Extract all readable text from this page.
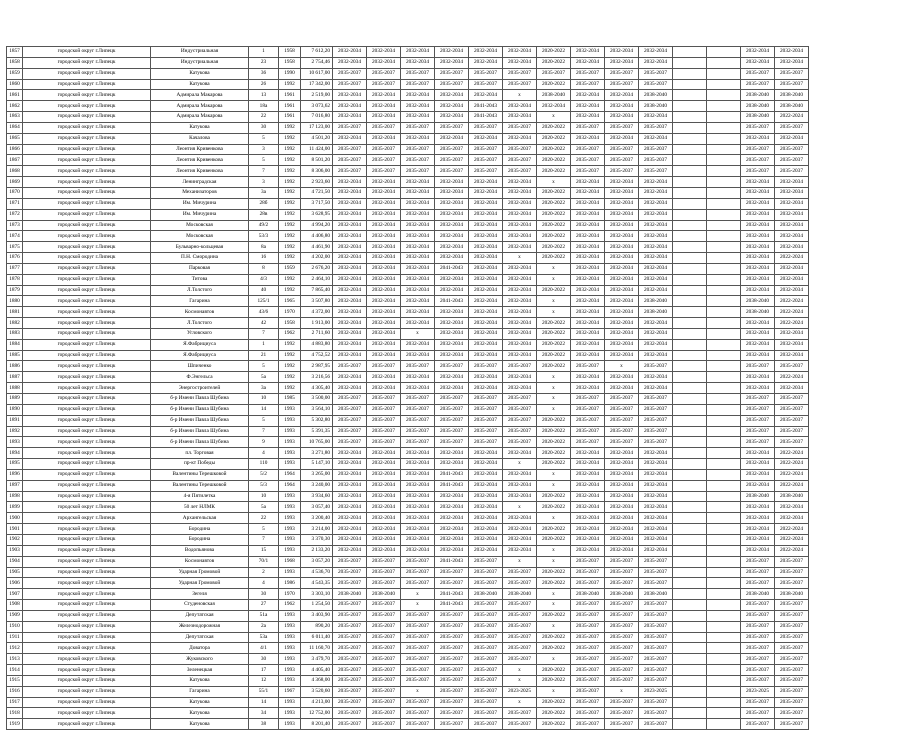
1857	городской округ г.Липецк	Индустриальная	1	1958	7 612,20	2032-2034	2032-2034	2032-2034	2032-2034	2032-2034	2032-2034	2020-2022	2032-2034	2032-2034	2032-2034			2032-2034	2032-2034
1858	городской округ г.Липецк	Индустриальная	23	1958	2 754,46	2032-2034	2032-2034	2032-2034	2032-2034	2032-2034	2032-2034	2020-2022	2032-2034	2032-2034	2032-2034			2032-2034	2032-2034
1859	городской округ г.Липецк	Катукова	36	1990	10 617,00	2035-2037	2035-2037	2035-2037	2035-2037	2035-2037	2035-2037	2035-2037	2035-2037	2035-2037	2035-2037			2035-2037	2035-2037
1860	городской округ г.Липецк	Катукова	26	1992	17 342,00	2035-2037	2035-2037	2035-2037	2035-2037	2035-2037	2035-2037	2020-2022	2035-2037	2035-2037	2035-2037			2035-2037	2035-2037
1861	городской округ г.Липецк	Адмирала Макарова	13	1961	2 519,00	2032-2034	2032-2034	2032-2034	2032-2034	2032-2034	х	2038-2040	2032-2034	2032-2034	2038-2040			2038-2040	2038-2040
1862	городской округ г.Липецк	Адмирала Макарова	18а	1961	3 073,62	2032-2034	2032-2034	2032-2034	2032-2034	2041-2043	2032-2034	2032-2034	2032-2034	2032-2034	2038-2040			2038-2040	2038-2040
1863	городской округ г.Липецк	Адмирала Макарова	22	1961	7 016,80	2032-2034	2032-2034	2032-2034	2032-2034	2041-2043	2032-2034	х	2032-2034	2032-2034	2032-2034			2038-2040	2022-2024
1864	городской округ г.Липецк	Катукова	30	1992	17 123,00	2035-2037	2035-2037	2035-2037	2035-2037	2035-2037	2035-2037	2020-2022	2035-2037	2035-2037	2035-2037			2035-2037	2035-2037
1865	городской округ г.Липецк	Качалова	5	1992	4 501,20	2032-2034	2032-2034	2032-2034	2032-2034	2032-2034	2032-2034	2020-2022	2032-2034	2032-2034	2032-2034			2032-2034	2032-2034
1866	городской округ г.Липецк	Леонтия Кривенкова	3	1992	11 424,00	2035-2037	2035-2037	2035-2037	2035-2037	2035-2037	2035-2037	2020-2022	2035-2037	2035-2037	2035-2037			2035-2037	2035-2037
1867	городской округ г.Липецк	Леонтия Кривенкова	5	1992	8 501,20	2035-2037	2035-2037	2035-2037	2035-2037	2035-2037	2035-2037	2020-2022	2035-2037	2035-2037	2035-2037			2035-2037	2035-2037
1868	городской округ г.Липецк	Леонтия Кривенкова	7	1992	8 306,00	2035-2037	2035-2037	2035-2037	2035-2037	2035-2037	2035-2037	2020-2022	2035-2037	2035-2037	2035-2037			2035-2037	2035-2037
1869	городской округ г.Липецк	Ленинградская	3	1992	2 923,60	2032-2034	2032-2034	2032-2034	2032-2034	2032-2034	2032-2034	х	2032-2034	2032-2034	2032-2034			2032-2034	2032-2034
1870	городской округ г.Липецк	Механизаторов	3а	1992	4 721,50	2032-2034	2032-2034	2032-2034	2032-2034	2032-2034	2032-2034	2020-2022	2032-2034	2032-2034	2032-2034			2032-2034	2032-2034
1871	городской округ г.Липецк	Им. Мичурина	28б	1992	3 717,50	2032-2034	2032-2034	2032-2034	2032-2034	2032-2034	2032-2034	2020-2022	2032-2034	2032-2034	2032-2034			2032-2034	2032-2034
1872	городской округ г.Липецк	Им. Мичурина	28в	1992	3 628,95	2032-2034	2032-2034	2032-2034	2032-2034	2032-2034	2032-2034	2020-2022	2032-2034	2032-2034	2032-2034			2032-2034	2032-2034
1873	городской округ г.Липецк	Московская	49/2	1992	4 994,20	2032-2034	2032-2034	2032-2034	2032-2034	2032-2034	2032-2034	2020-2022	2032-2034	2032-2034	2032-2034			2032-2034	2032-2034
1874	городской округ г.Липецк	Московская	53/3	1992	4 406,80	2032-2034	2032-2034	2032-2034	2032-2034	2032-2034	2032-2034	2020-2022	2032-2034	2032-2034	2032-2034			2032-2034	2032-2034
1875	городской округ г.Липецк	Бульварно-кольцевая	8а	1992	4 461,90	2032-2034	2032-2034	2032-2034	2032-2034	2032-2034	2032-2034	2020-2022	2032-2034	2032-2034	2032-2034			2032-2034	2032-2034
1876	городской округ г.Липецк	П.Н. Смородина	16	1992	4 202,00	2032-2034	2032-2034	2032-2034	2032-2034	2032-2034	х	2020-2022	2032-2034	2032-2034	2032-2034			2032-2034	2022-2024
1877	городской округ г.Липецк	Парковая	8	1959	2 676,20	2032-2034	2032-2034	2032-2034	2041-2043	2032-2034	2032-2034	х	2032-2034	2032-2034	2032-2034			2032-2034	2032-2034
1878	городской округ г.Липецк	Титова	4/3	1992	2 464,10	2032-2034	2032-2034	2032-2034	2032-2034	2032-2034	2032-2034	х	2032-2034	2032-2034	2032-2034			2032-2034	2032-2034
1879	городской округ г.Липецк	Л.Толстого	40	1992	7 865,40	2032-2034	2032-2034	2032-2034	2032-2034	2032-2034	2032-2034	2020-2022	2032-2034	2032-2034	2032-2034			2032-2034	2032-2034
1880	городской округ г.Липецк	Гагарина	125/1	1965	3 507,80	2032-2034	2032-2034	2032-2034	2041-2043	2032-2034	2032-2034	х	2032-2034	2032-2034	2038-2040			2038-2040	2022-2024
1881	городской округ г.Липецк	Космонавтов	43/6	1970	4 372,00	2032-2034	2032-2034	2032-2034	2032-2034	2032-2034	2032-2034	х	2032-2034	2032-2034	2038-2040			2038-2040	2022-2024
1882	городской округ г.Липецк	Л.Толстого	42	1958	1 913,00	2032-2034	2032-2034	2032-2034	2032-2034	2032-2034	2032-2034	2020-2022	2032-2034	2032-2034	2032-2034			2032-2034	2022-2024
1883	городской округ г.Липецк	Угловского	7	1962	2 711,60	2032-2034	2032-2034	х	2032-2034	2032-2034	2032-2034	2020-2022	2032-2034	2032-2034	2032-2034			2032-2034	2032-2034
1884	городской округ г.Липецк	Я.Фабрициуса	1	1992	4 883,80	2032-2034	2032-2034	2032-2034	2032-2034	2032-2034	2032-2034	2020-2022	2032-2034	2032-2034	2032-2034			2032-2034	2032-2034
1885	городской округ г.Липецк	Я.Фабрициуса	21	1992	4 752,52	2032-2034	2032-2034	2032-2034	2032-2034	2032-2034	2032-2034	2020-2022	2032-2034	2032-2034	2032-2034			2032-2034	2032-2034
1886	городской округ г.Липецк	Шпиченко	5	1992	2 987,95	2035-2037	2035-2037	2035-2037	2035-2037	2035-2037	2035-2037	2020-2022	2035-2037	х	2035-2037			2035-2037	2035-2037
1887	городской округ г.Липецк	Ф.Энгельса	5а	1992	3 216,56	2032-2034	2032-2034	2032-2034	2032-2034	2032-2034	2032-2034	х	2032-2034	2032-2034	2032-2034			2032-2034	2022-2024
1888	городской округ г.Липецк	Энергостроителей	3а	1992	4 305,40	2032-2034	2032-2034	2032-2034	2032-2034	2032-2034	2032-2034	х	2032-2034	2032-2034	2032-2034			2032-2034	2032-2034
1889	городской округ г.Липецк	б-р Имени Павла Шубина	10	1985	3 500,00	2035-2037	2035-2037	2035-2037	2035-2037	2035-2037	2035-2037	х	2035-2037	2035-2037	2035-2037			2035-2037	2035-2037
1890	городской округ г.Липецк	б-р Имени Павла Шубина	14	1993	3 564,10	2035-2037	2035-2037	2035-2037	2035-2037	2035-2037	2035-2037	х	2035-2037	2035-2037	2035-2037			2035-2037	2035-2037
1891	городской округ г.Липецк	б-р Имени Павла Шубина	5	1993	5 302,80	2035-2037	2035-2037	2035-2037	2035-2037	2035-2037	2035-2037	2020-2022	2035-2037	2035-2037	2035-2037			2035-2037	2035-2037
1892	городской округ г.Липецк	б-р Имени Павла Шубина	7	1993	5 391,35	2035-2037	2035-2037	2035-2037	2035-2037	2035-2037	2035-2037	2020-2022	2035-2037	2035-2037	2035-2037			2035-2037	2035-2037
1893	городской округ г.Липецк	б-р Имени Павла Шубина	9	1993	10 765,00	2035-2037	2035-2037	2035-2037	2035-2037	2035-2037	2035-2037	2020-2022	2035-2037	2035-2037	2035-2037			2035-2037	2035-2037
1894	городской округ г.Липецк	пл. Торговая	4	1993	3 271,80	2032-2034	2032-2034	2032-2034	2032-2034	2032-2034	2032-2034	2020-2022	2032-2034	2032-2034	2032-2034			2032-2034	2022-2024
1895	городской округ г.Липецк	пр-кт Победы	110	1993	5 147,10	2032-2034	2032-2034	2032-2034	2032-2034	2032-2034	х	2020-2022	2032-2034	2032-2034	2032-2034			2032-2034	2022-2024
1896	городской округ г.Липецк	Валентины Терешковой	5/2	1964	3 265,00	2032-2034	2032-2034	2032-2034	2041-2043	2032-2034	2032-2034	х	2032-2034	2032-2034	2032-2034			2032-2034	2022-2024
1897	городской округ г.Липецк	Валентины Терешковой	5/3	1964	3 240,00	2032-2034	2032-2034	2032-2034	2041-2043	2032-2034	2032-2034	х	2032-2034	2032-2034	2032-2034			2032-2034	2022-2024
1898	городской округ г.Липецк	4-я Пятилетка	10	1993	3 934,60	2032-2034	2032-2034	2032-2034	2032-2034	2032-2034	2032-2034	2020-2022	2032-2034	2032-2034	2032-2034			2038-2040	2038-2040
1899	городской округ г.Липецк	50 лет НЛМК	5а	1993	3 057,40	2032-2034	2032-2034	2032-2034	2032-2034	2032-2034	х	2020-2022	2032-2034	2032-2034	2032-2034			2032-2034	2032-2034
1900	городской округ г.Липецк	Архангельская	22	1993	3 200,40	2032-2034	2032-2034	2032-2034	2032-2034	2032-2034	2032-2034	х	2032-2034	2032-2034	2032-2034			2032-2034	2032-2034
1901	городской округ г.Липецк	Бородина	5	1993	3 214,00	2032-2034	2032-2034	2032-2034	2032-2034	2032-2034	2032-2034	2020-2022	2032-2034	2032-2034	2032-2034			2032-2034	2022-2024
1902	городской округ г.Липецк	Бородина	7	1993	3 370,30	2032-2034	2032-2034	2032-2034	2032-2034	2032-2034	2032-2034	2020-2022	2032-2034	2032-2034	2032-2034			2032-2034	2022-2024
1903	городской округ г.Липецк	Водопьянова	15	1993	2 133,20	2032-2034	2032-2034	2032-2034	2032-2034	2032-2034	2032-2034	х	2032-2034	2032-2034	2032-2034			2032-2034	2022-2024
1904	городской округ г.Липецк	Космонавтов	70/1	1968	3 057,20	2035-2037	2035-2037	2035-2037	2041-2043	2035-2037	х	х	2035-2037	2035-2037	2035-2037			2035-2037	2035-2037
1905	городской округ г.Липецк	Ударная Громовой	2	1993	4 536,70	2035-2037	2035-2037	2035-2037	2035-2037	2035-2037	2035-2037	2020-2022	2035-2037	2035-2037	2035-2037			2035-2037	2035-2037
1906	городской округ г.Липецк	Ударная Громовой	4	1986	4 543,35	2035-2037	2035-2037	2035-2037	2035-2037	2035-2037	2035-2037	2020-2022	2035-2037	2035-2037	2035-2037			2035-2037	2035-2037
1907	городской округ г.Липецк	Зегеля	30	1970	3 303,10	2038-2040	2038-2040	х	2041-2043	2038-2040	2038-2040	х	2038-2040	2038-2040	2038-2040			2038-2040	2038-2040
1908	городской округ г.Липецк	Студеновская	27	1962	1 254,50	2035-2037	2035-2037	х	2041-2043	2035-2037	2035-2037	х	2035-2037	2035-2037	2035-2037			2035-2037	2035-2037
1909	городской округ г.Липецк	Депутатская	51а	1993	3 403,90	2035-2037	2035-2037	2035-2037	2035-2037	2035-2037	2035-2037	2020-2022	2035-2037	2035-2037	2035-2037			2035-2037	2035-2037
1910	городской округ г.Липецк	Железнодорожная	2а	1993	890,20	2035-2037	2035-2037	2035-2037	2035-2037	2035-2037	2035-2037	х	2035-2037	2035-2037	2035-2037			2035-2037	2035-2037
1911	городской округ г.Липецк	Депутатская	53а	1993	6 011,40	2035-2037	2035-2037	2035-2037	2035-2037	2035-2037	2035-2037	2020-2022	2035-2037	2035-2037	2035-2037			2035-2037	2035-2037
1912	городской округ г.Липецк	Доватора	4/1	1993	11 160,70	2035-2037	2035-2037	2035-2037	2035-2037	2035-2037	2035-2037	2020-2022	2035-2037	2035-2037	2035-2037			2035-2037	2035-2037
1913	городской округ г.Липецк	Жуковского	30	1993	3 479,70	2035-2037	2035-2037	2035-2037	2035-2037	2035-2037	2035-2037	х	2035-2037	2035-2037	2035-2037			2035-2037	2035-2037
1914	городской округ г.Липецк	Зеленецкая	17	1993	4 405,40	2035-2037	2035-2037	2035-2037	2035-2037	2035-2037	х	2020-2022	2035-2037	2035-2037	2035-2037			2035-2037	2035-2037
1915	городской округ г.Липецк	Катукова	12	1993	4 368,00	2035-2037	2035-2037	2035-2037	2035-2037	2035-2037	х	2020-2022	2035-2037	2035-2037	2035-2037			2035-2037	2035-2037
1916	городской округ г.Липецк	Гагарина	55/1	1967	3 520,60	2035-2037	2035-2037	х	2035-2037	2035-2037	2023-2025	х	2035-2037	х	2023-2025			2023-2025	2035-2037
1917	городской округ г.Липецк	Катукова	14	1993	4 213,00	2035-2037	2035-2037	2035-2037	2035-2037	2035-2037	х	2020-2022	2035-2037	2035-2037	2035-2037			2035-2037	2035-2037
1918	городской округ г.Липецк	Катукова	34	1993	12 752,00	2035-2037	2035-2037	2035-2037	2035-2037	2035-2037	2035-2037	2020-2022	2035-2037	2035-2037	2035-2037			2035-2037	2035-2037
1919	городской округ г.Липецк	Катукова	38	1993	8 201,40	2035-2037	2035-2037	2035-2037	2035-2037	2035-2037	2035-2037	2020-2022	2035-2037	2035-2037	2035-2037			2035-2037	2035-2037
